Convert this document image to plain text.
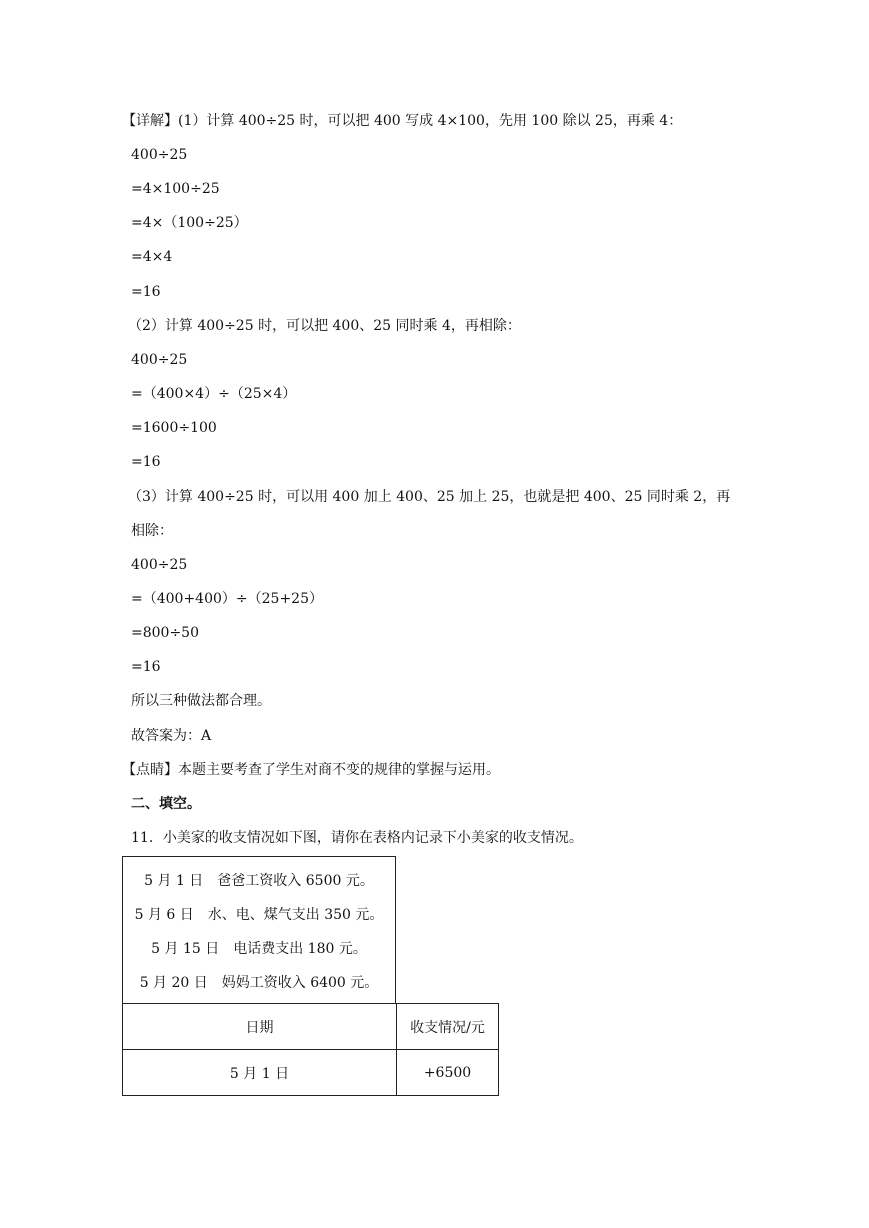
【详解】(1）计算 400÷25 时，可以把 400 写成 4×100，先用 100 除以 25，再乘 4：
400÷25
=4×100÷25
=4×（100÷25）
=4×4
=16
（2）计算 400÷25 时，可以把 400、25 同时乘 4，再相除：
400÷25
=（400×4）÷（25×4）
=1600÷100
=16
（3）计算 400÷25 时，可以用 400 加上 400、25 加上 25，也就是把 400、25 同时乘 2，再
相除：
400÷25
=（400+400）÷（25+25）
=800÷50
=16
所以三种做法都合理。
故答案为：A
【点睛】本题主要考查了学生对商不变的规律的掌握与运用。
二、填空。
11．小美家的收支情况如下图，请你在表格内记录下小美家的收支情况。
5 月 1 日　爸爸工资收入 6500 元。
5 月 6 日　水、电、煤气支出 350 元。
5 月 15 日　电话费支出 180 元。
5 月 20 日　妈妈工资收入 6400 元。
日期	收支情况/元
5 月 1 日	+6500
